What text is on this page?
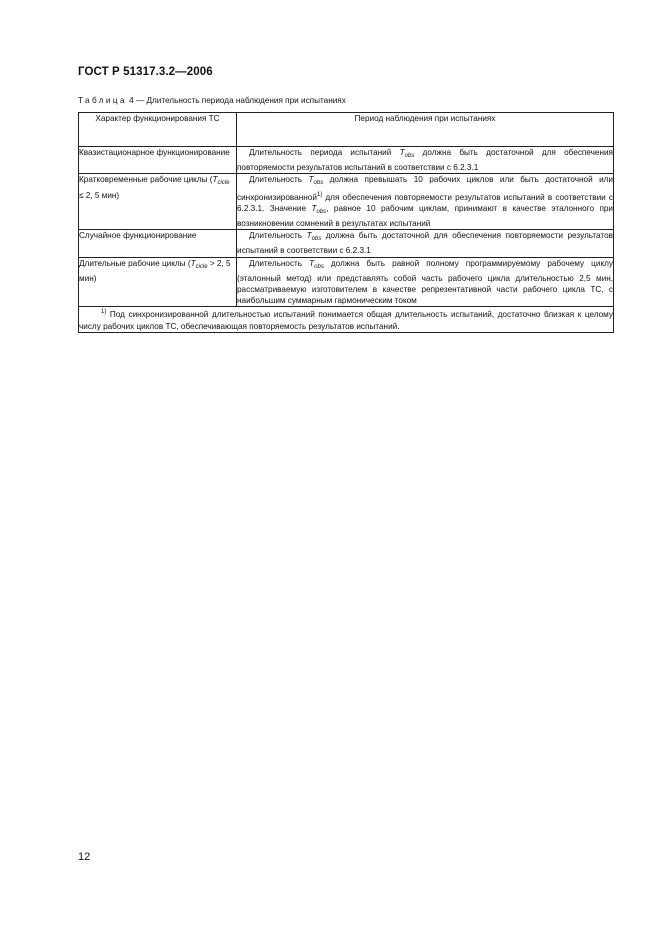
ГОСТ Р 51317.3.2—2006
Таблица 4 — Длительность периода наблюдения при испытаниях
Характер функционирования ТС	Период наблюдения при испытаниях
Квазистационарное функционирование	Длительность периода испытаний $T_{obs}$ должна быть достаточной для обеспечения повторяемости результатов испытаний в соответствии с 6.2.3.1
Кратковременные рабочие циклы ($T_{cicle} \le 2$, 5 мин)	Длительность $T_{obs}$ должна превышать 10 рабочих циклов или быть достаточной или синхронизированной$^{1)}$ для обеспечения повторяемости результатов испытаний в соответствии с 6.2.3.1. Значение $T_{obs}$, равное 10 рабочим циклам, принимают в качестве эталонного при возникновении сомнений в результатах испытаний
Случайное функционирование	Длительность $T_{obs}$ должна быть достаточной для обеспечения повторяемости результатов испытаний в соответствии с 6.2.3.1
Длительные рабочие циклы ($T_{cicle} > 2$, 5 мин)	Длительность $T_{obs}$ должна быть равной полному программируемому рабочему циклу (эталонный метод) или представлять собой часть рабочего цикла длительностью 2,5 мин, рассматриваемую изготовителем в качестве репрезентативной части рабочего цикла ТС, с наибольшим суммарным гармоническим током
$^{1)}$ Под синхронизированной длительностью испытаний понимается общая длительность испытаний, достаточно близкая к целому числу рабочих циклов ТС, обеспечивающая повторяемость результатов испытаний.	
12
